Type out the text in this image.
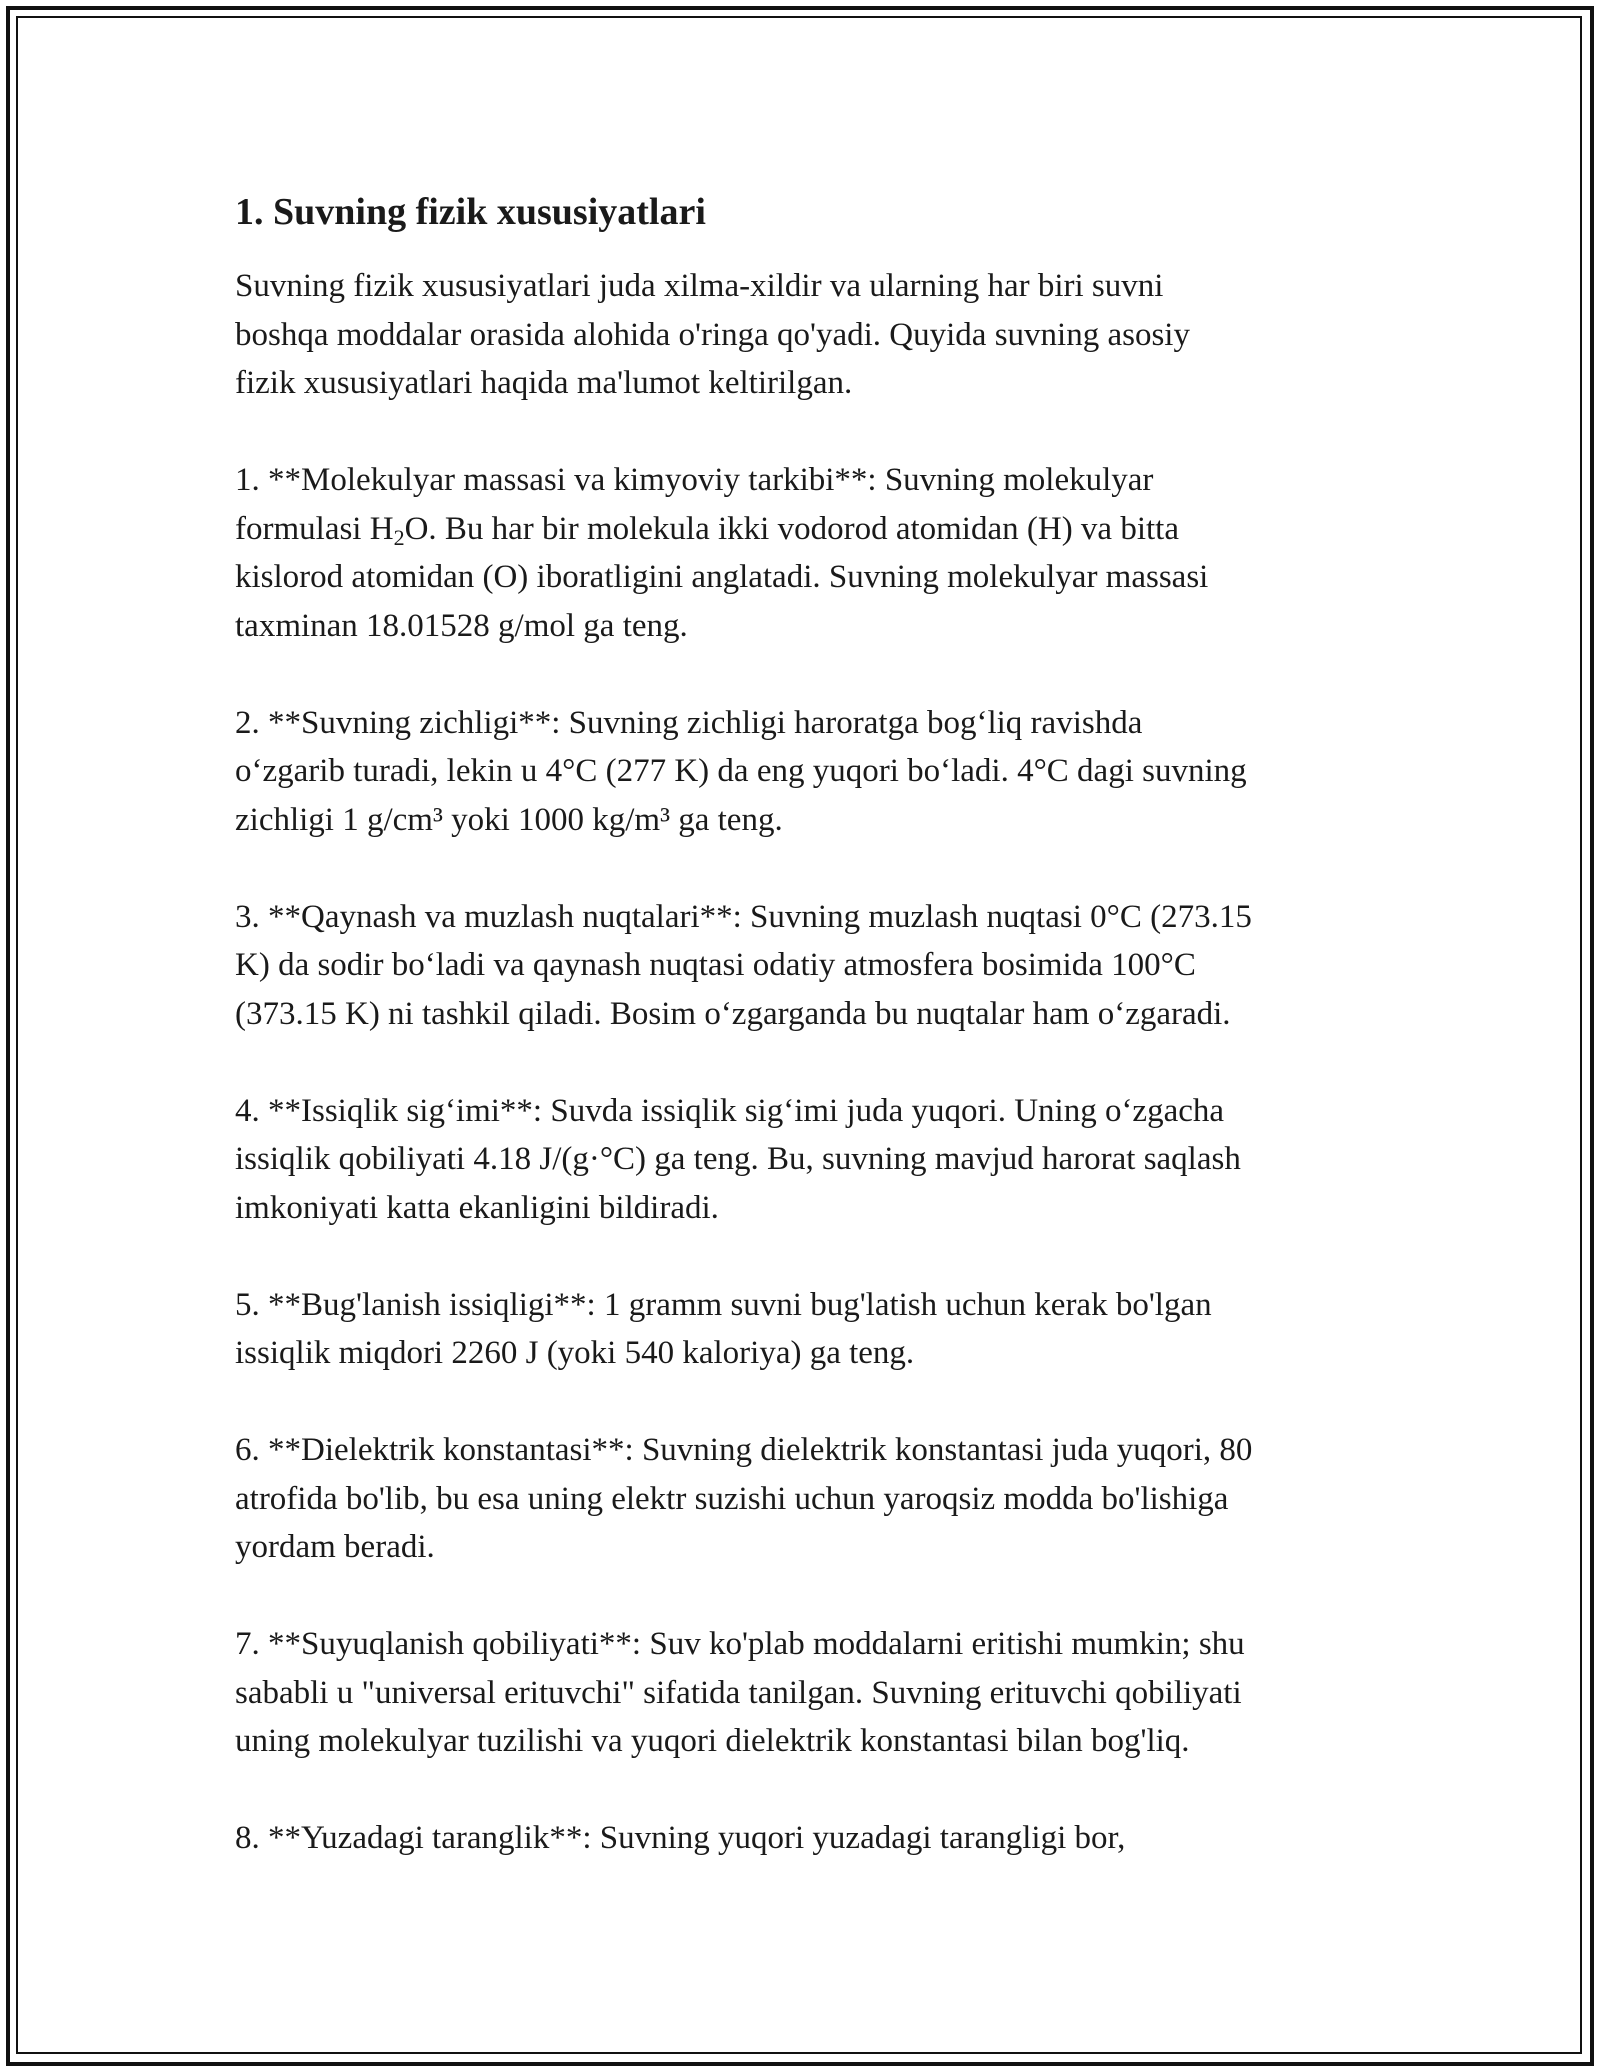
1. Suvning fizik xususiyatlari

Suvning fizik xususiyatlari juda xilma-xildir va ularning har biri suvni
boshqa moddalar orasida alohida o'ringa qo'yadi. Quyida suvning asosiy
fizik xususiyatlari haqida ma'lumot keltirilgan.

1. **Molekulyar massasi va kimyoviy tarkibi**: Suvning molekulyar
formulasi $H_2O$. Bu har bir molekula ikki vodorod atomidan (H) va bitta
kislorod atomidan (O) iboratligini anglatadi. Suvning molekulyar massasi
taxminan 18.01528 g/mol ga teng.

2. **Suvning zichligi**: Suvning zichligi haroratga bog‘liq ravishda
o‘zgarib turadi, lekin u 4°C (277 K) da eng yuqori bo‘ladi. 4°C dagi suvning
zichligi 1 g/cm³ yoki 1000 kg/m³ ga teng.

3. **Qaynash va muzlash nuqtalari**: Suvning muzlash nuqtasi 0°C (273.15
K) da sodir bo‘ladi va qaynash nuqtasi odatiy atmosfera bosimida 100°C
(373.15 K) ni tashkil qiladi. Bosim o‘zgarganda bu nuqtalar ham o‘zgaradi.

4. **Issiqlik sig‘imi**: Suvda issiqlik sig‘imi juda yuqori. Uning o‘zgacha
issiqlik qobiliyati 4.18 J/(g·°C) ga teng. Bu, suvning mavjud harorat saqlash
imkoniyati katta ekanligini bildiradi.

5. **Bug'lanish issiqligi**: 1 gramm suvni bug'latish uchun kerak bo'lgan
issiqlik miqdori 2260 J (yoki 540 kaloriya) ga teng.

6. **Dielektrik konstantasi**: Suvning dielektrik konstantasi juda yuqori, 80
atrofida bo'lib, bu esa uning elektr suzishi uchun yaroqsiz modda bo'lishiga
yordam beradi.

7. **Suyuqlanish qobiliyati**: Suv ko'plab moddalarni eritishi mumkin; shu
sababli u "universal erituvchi" sifatida tanilgan. Suvning erituvchi qobiliyati
uning molekulyar tuzilishi va yuqori dielektrik konstantasi bilan bog'liq.

8. **Yuzadagi taranglik**: Suvning yuqori yuzadagi tarangligi bor,
